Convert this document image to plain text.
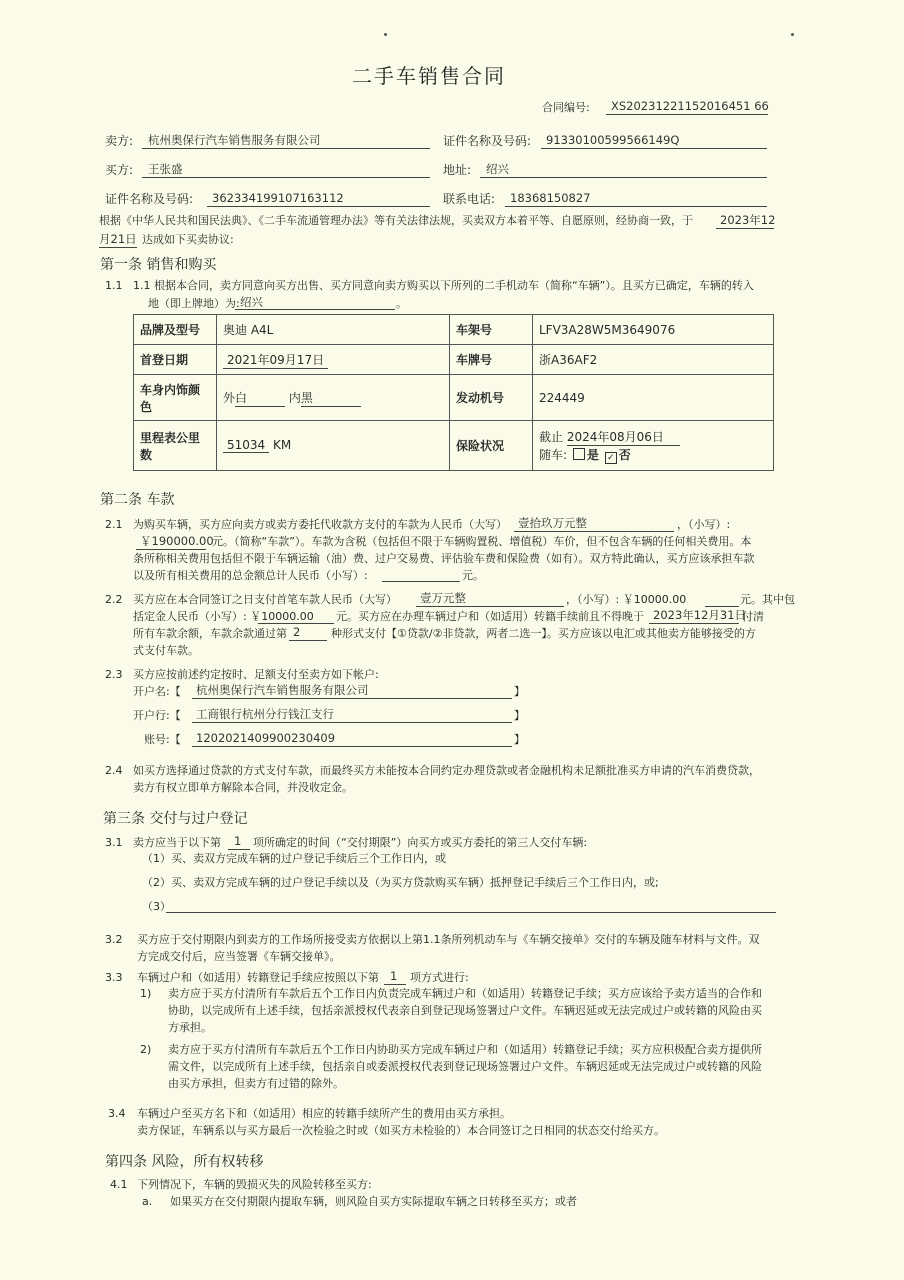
二手车销售合同
合同编号: XS20231221152016451 66
卖方: 杭州奥保行汽车销售服务有限公司	证件名称及号码: 91330100599566149Q
买方: 王张盛	地址: 绍兴
证件名称及号码: 362334199107163112	联系电话: 18368150827
根据《中华人民共和国民法典》、《二手车流通管理办法》等有关法律法规，买卖双方本着平等、自愿原则，经协商一致，于 2023年12
月21日 达成如下买卖协议:
第一条 销售和购买
1.1 1.1 根据本合同，卖方同意向买方出售、买方同意向卖方购买以下所列的二手机动车（简称“车辆”）。且买方已确定，车辆的转入
地（即上牌地）为: 绍兴	。
品牌及型号	奥迪 A4L	车架号	LFV3A28W5M3649076
首登日期	2021年09月17日	车牌号	浙A36AF2
车身内饰颜色	外白 内黑	发动机号	224449
里程表公里数	51034 KM	保险状况	截止 2024年08月06日
随车: 是 ✓ 否
第二条 车款
2.1 为购买车辆，买方应向卖方或卖方委托代收款方支付的车款为人民币（大写） 壹拾玖万元整	，（小写）:
￥190000.00
元。（简称“车款”）。车款为含税（包括但不限于车辆购置税、增值税）车价，但不包含车辆的任何相关费用。本
条所称相关费用包括但不限于车辆运输（油）费、过户交易费、评估验车费和保险费（如有）。双方特此确认，买方应该承担车款
以及所有相关费用的总金额总计人民币（小写）:	元。
2.2 买方应在本合同签订之日支付首笔车款人民币（大写） 壹万元整	，（小写）: ￥10000.00	元。其中包
括定金人民币（小写）: ￥10000.00 元。买方应在办理车辆过户和（如适用）转籍手续前且不得晚于 2023年12月31日
付清
所有车款余额，车款余款通过第 2	种形式支付【①贷款/②非贷款，两者二选一】。买方应该以电汇或其他卖方能够接受的方
式支付车款。
2.3 买方应按前述约定按时、足额支付至卖方如下帐户:
开户名:【 杭州奥保行汽车销售服务有限公司	】
开户行:【 工商银行杭州分行钱江支行	】
账号:【 1202021409900230409	】
2.4 如买方选择通过贷款的方式支付车款，而最终买方未能按本合同约定办理贷款或者金融机构未足额批准买方申请的汽车消费贷款，
卖方有权立即单方解除本合同，并没收定金。
第三条 交付与过户登记
3.1 卖方应当于以下第 1 项所确定的时间（“交付期限”）向买方或买方委托的第三人交付车辆:
（1）买、卖双方完成车辆的过户登记手续后三个工作日内，或
（2）买、卖双方完成车辆的过户登记手续以及（为买方贷款购买车辆）抵押登记手续后三个工作日内，或;
（3）
3.2 买方应于交付期限内到卖方的工作场所接受卖方依据以上第1.1条所列机动车与《车辆交接单》交付的车辆及随车材料与文件。双
方完成交付后，应当签署《车辆交接单》。
3.3 车辆过户和（如适用）转籍登记手续应按照以下第 1 项方式进行:
1) 卖方应于买方付清所有车款后五个工作日内负责完成车辆过户和（如适用）转籍登记手续；买方应该给予卖方适当的合作和
协助，以完成所有上述手续，包括亲派授权代表亲自到登记现场签署过户文件。车辆迟延或无法完成过户或转籍的风险由买
方承担。
2) 卖方应于买方付清所有车款后五个工作日内协助买方完成车辆过户和（如适用）转籍登记手续；买方应积极配合卖方提供所
需文件，以完成所有上述手续，包括亲自或委派授权代表到登记现场签署过户文件。车辆迟延或无法完成过户或转籍的风险
由买方承担，但卖方有过错的除外。
3.4 车辆过户至买方名下和（如适用）相应的转籍手续所产生的费用由买方承担。
卖方保证，车辆系以与买方最后一次检验之时或（如买方未检验的）本合同签订之日相同的状态交付给买方。
第四条 风险，所有权转移
4.1 下列情况下，车辆的毁损灭失的风险转移至买方:
a. 如果买方在交付期限内提取车辆，则风险自买方实际提取车辆之日转移至买方；或者
